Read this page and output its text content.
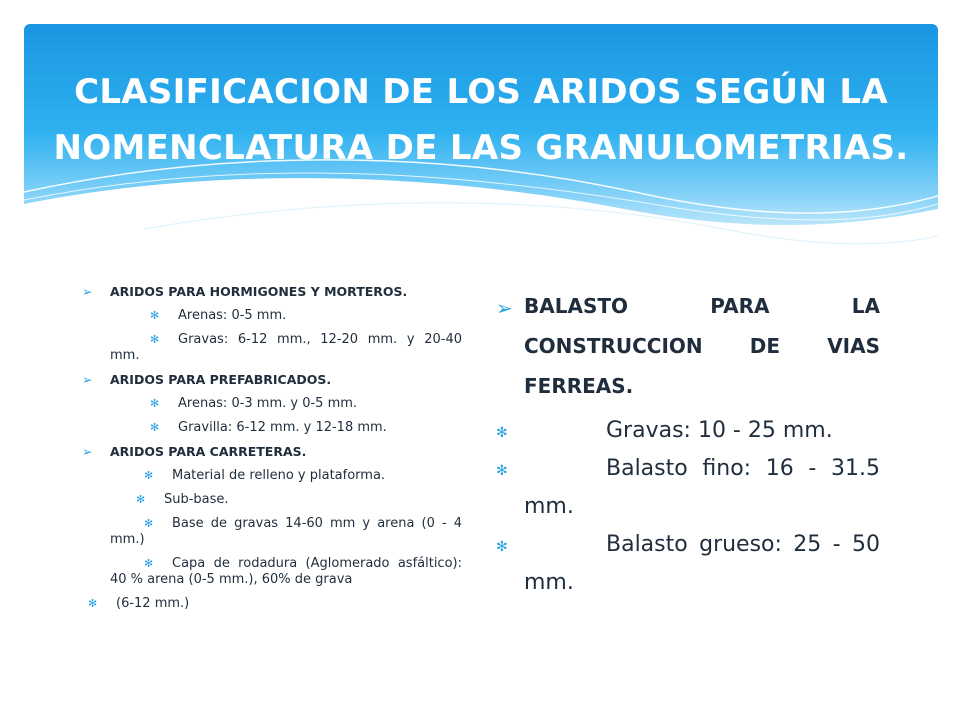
CLASIFICACION DE LOS ARIDOS SEGÚN LA NOMENCLATURA DE LAS GRANULOMETRIAS.
➢	ARIDOS PARA HORMIGONES Y MORTEROS.
✻ Arenas: 0-5 mm.
✻ Gravas: 6-12 mm., 12-20 mm. y 20-40 mm.
➢	ARIDOS PARA PREFABRICADOS.
✻ Arenas: 0-3 mm. y 0-5 mm.
✻ Gravilla: 6-12 mm. y 12-18 mm.
➢	ARIDOS PARA CARRETERAS.
✻ Material de relleno y plataforma.
✻ Sub-base.
✻ Base de gravas 14-60 mm y arena (0 - 4 mm.)
✻ Capa de rodadura (Aglomerado asfáltico): 40 % arena (0-5 mm.), 60% de grava
✻	(6-12 mm.)
➢ BALASTO PARA LA CONSTRUCCION DE VIAS FERREAS.
✻	Gravas: 10 - 25 mm.
✻	Balasto fino: 16 - 31.5 mm.
✻	Balasto grueso: 25 - 50 mm.
